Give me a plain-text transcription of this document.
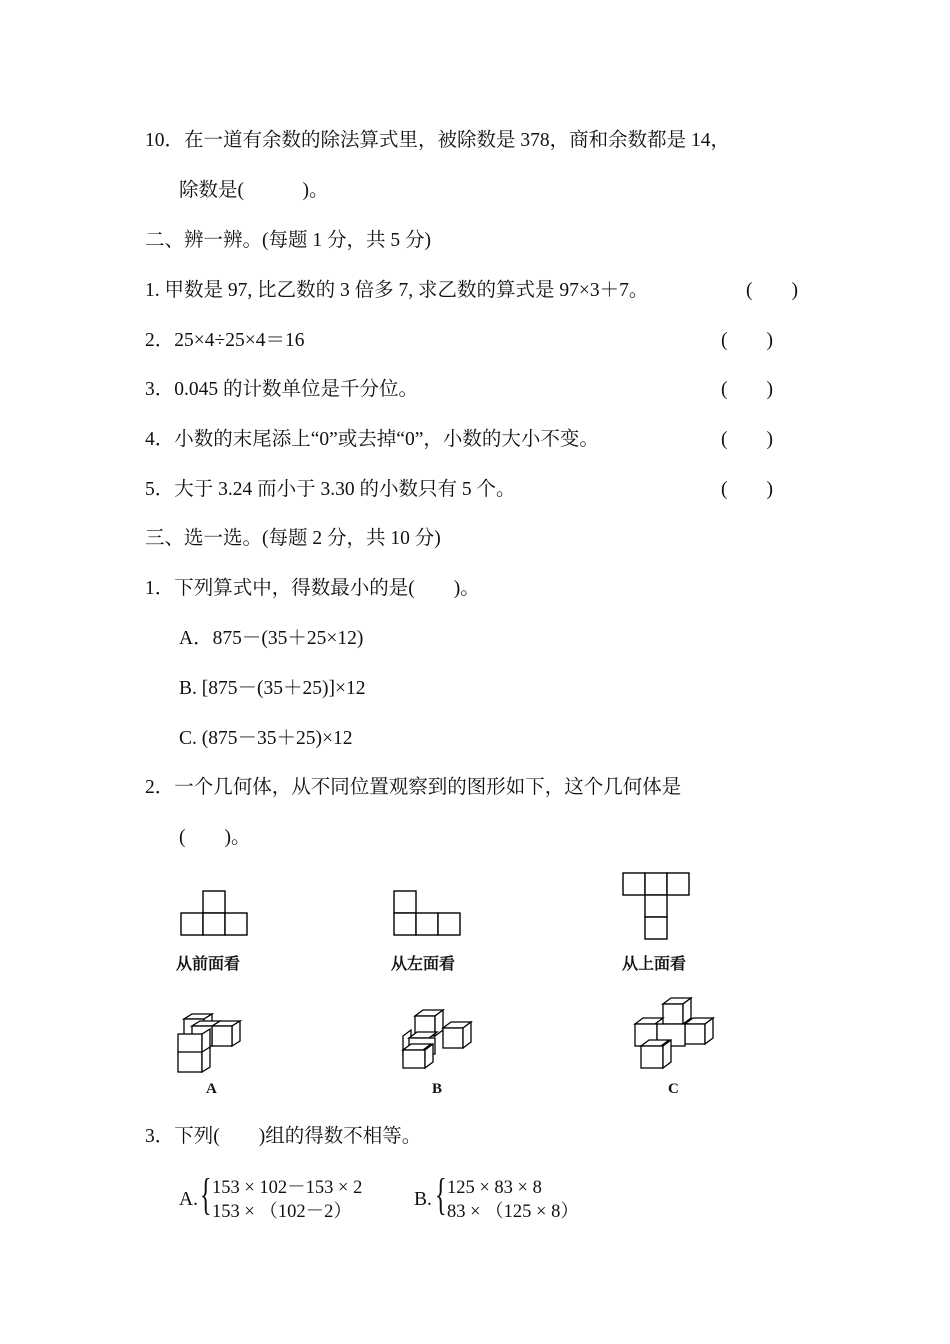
10．在一道有余数的除法算式里，被除数是 378，商和余数都是 14，
除数是(　　　)。
二、辨一辨。(每题 1 分，共 5 分)
1. 甲数是 97, 比乙数的 3 倍多 7, 求乙数的算式是 97×3＋7。	(　　)
2．25×4÷25×4＝16	(　　)
3．0.045 的计数单位是千分位。	(　　)
4．小数的末尾添上“0”或去掉“0”，小数的大小不变。	(　　)
5．大于 3.24 而小于 3.30 的小数只有 5 个。	(　　)
三、选一选。(每题 2 分，共 10 分)
1．下列算式中，得数最小的是(　　)。
A．875－(35＋25×12)
B. [875－(35＋25)]×12
C. (875－35＋25)×12
2．一个几何体，从不同位置观察到的图形如下，这个几何体是
(　　)。
从前面看	从左面看	从上面看
A	B	C
3．下列(　　)组的得数不相等。
A. { 153 × 102－153 × 2
153 × （102－2）
B. { 125 × 83 × 8
83 × （125 × 8）
